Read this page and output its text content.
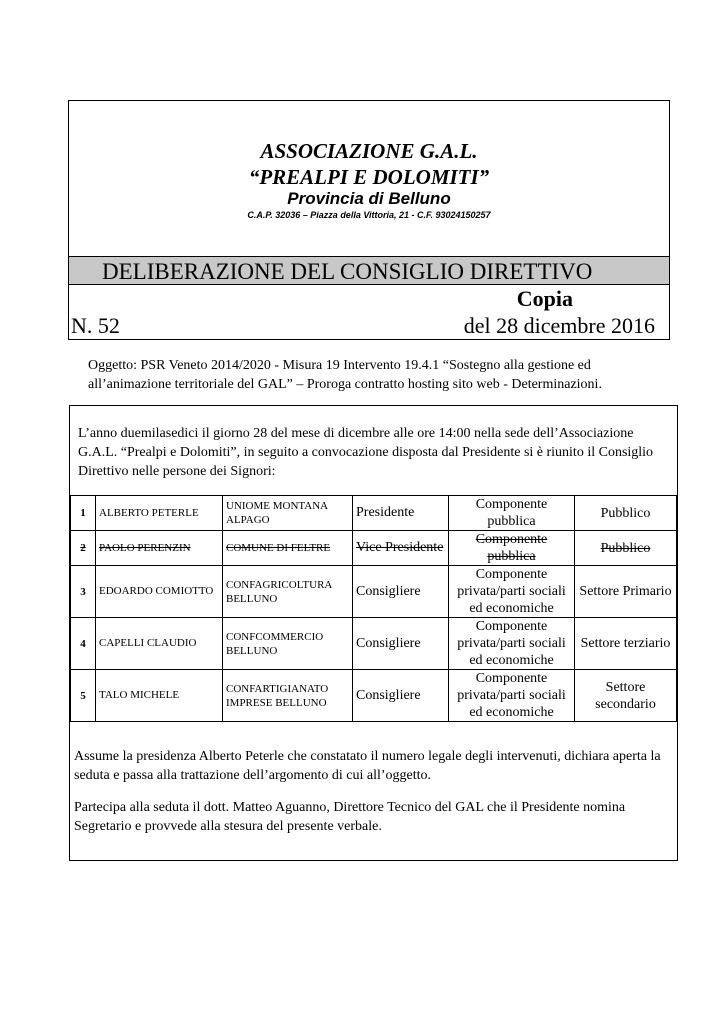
ASSOCIAZIONE G.A.L.
“PREALPI E DOLOMITI”
Provincia di Belluno
C.A.P. 32036 – Piazza della Vittoria, 21 - C.F. 93024150257
DELIBERAZIONE DEL CONSIGLIO DIRETTIVO
Copia
N. 52	del 28 dicembre 2016
Oggetto: PSR Veneto 2014/2020 - Misura 19 Intervento 19.4.1 “Sostegno alla gestione ed
all’animazione territoriale del GAL” – Proroga contratto hosting sito web - Determinazioni.
L’anno duemilasedici il giorno 28 del mese di dicembre alle ore 14:00 nella sede dell’Associazione G.A.L. “Prealpi e Dolomiti”, in seguito a convocazione disposta dal Presidente si è riunito il Consiglio Direttivo nelle persone dei Signori:
1	ALBERTO PETERLE	UNIOME MONTANA ALPAGO	Presidente	Componente pubblica	Pubblico
2	PAOLO PERENZIN	COMUNE DI FELTRE	Vice Presidente	Componente pubblica	Pubblico
3	EDOARDO COMIOTTO	CONFAGRICOLTURA BELLUNO	Consigliere	Componente privata/parti sociali ed economiche	Settore Primario
4	CAPELLI CLAUDIO	CONFCOMMERCIO BELLUNO	Consigliere	Componente privata/parti sociali ed economiche	Settore terziario
5	TALO MICHELE	CONFARTIGIANATO IMPRESE BELLUNO	Consigliere	Componente privata/parti sociali ed economiche	Settore secondario
Assume la presidenza Alberto Peterle che constatato il numero legale degli intervenuti, dichiara aperta la seduta e passa alla trattazione dell’argomento di cui all’oggetto.
Partecipa alla seduta il dott. Matteo Aguanno, Direttore Tecnico del GAL che il Presidente nomina Segretario e provvede alla stesura del presente verbale.
